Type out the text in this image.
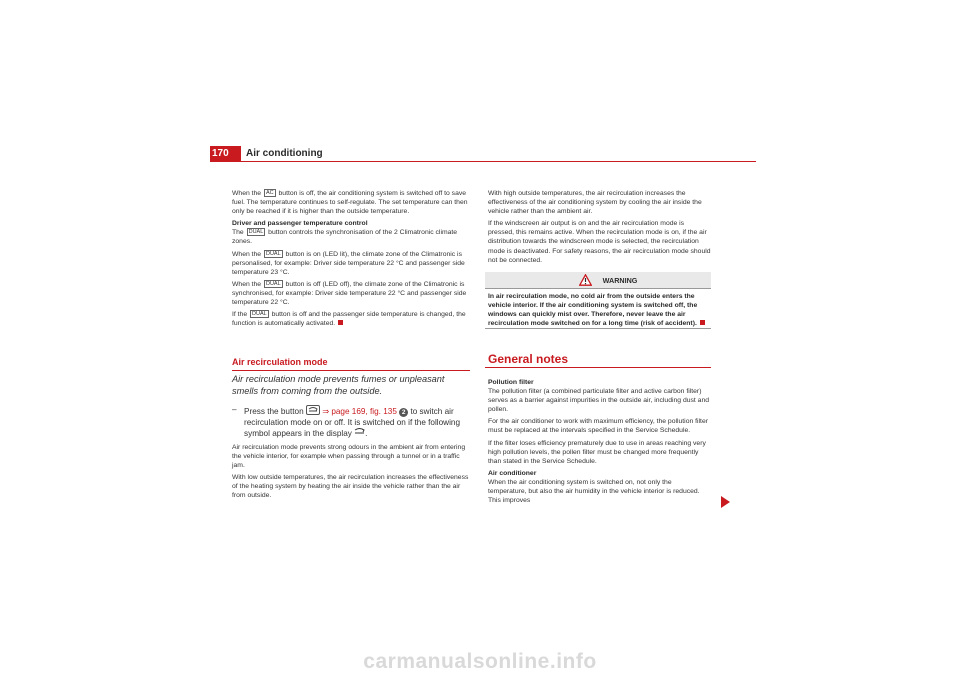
170 Air conditioning

When the AC button is off, the air conditioning system is switched off to save fuel. The temperature continues to self-regulate. The set temperature can then only be reached if it is higher than the outside temperature.

Driver and passenger temperature control

The DUAL button controls the synchronisation of the 2 Climatronic climate zones.

When the DUAL button is on (LED lit), the climate zone of the Climatronic is personalised, for example: Driver side temperature 22 °C and passenger side temperature 23 °C.

When the DUAL button is off (LED off), the climate zone of the Climatronic is synchronised, for example: Driver side temperature 22 °C and passenger side temperature 22 °C.

If the DUAL button is off and the passenger side temperature is changed, the function is automatically activated.

Air recirculation mode
Air recirculation mode prevents fumes or unpleasant smells from coming from the outside.
– Press the button ⇒ page 169, fig. 135 2 to switch air recirculation mode on or off. It is switched on if the following symbol appears in the display .

Air recirculation mode prevents strong odours in the ambient air from entering the vehicle interior, for example when passing through a tunnel or in a traffic jam.

With low outside temperatures, the air recirculation increases the effectiveness of the heating system by heating the air inside the vehicle rather than the air from outside.

With high outside temperatures, the air recirculation increases the effectiveness of the air conditioning system by cooling the air inside the vehicle rather than the ambient air.

If the windscreen air output is on and the air recirculation mode is pressed, this remains active. When the recirculation mode is on, if the air distribution towards the windscreen mode is selected, the recirculation mode is deactivated. For safety reasons, the air recirculation mode should not be connected.

WARNING
In air recirculation mode, no cold air from the outside enters the vehicle interior. If the air conditioning system is switched off, the windows can quickly mist over. Therefore, never leave the air recirculation mode switched on for a long time (risk of accident).
General notes
Pollution filter

The pollution filter (a combined particulate filter and active carbon filter) serves as a barrier against impurities in the outside air, including dust and pollen.

For the air conditioner to work with maximum efficiency, the pollution filter must be replaced at the intervals specified in the Service Schedule.

If the filter loses efficiency prematurely due to use in areas reaching very high pollution levels, the pollen filter must be changed more frequently than stated in the Service Schedule.

Air conditioner

When the air conditioning system is switched on, not only the temperature, but also the air humidity in the vehicle interior is reduced. This improves

carmanualsonline.info
